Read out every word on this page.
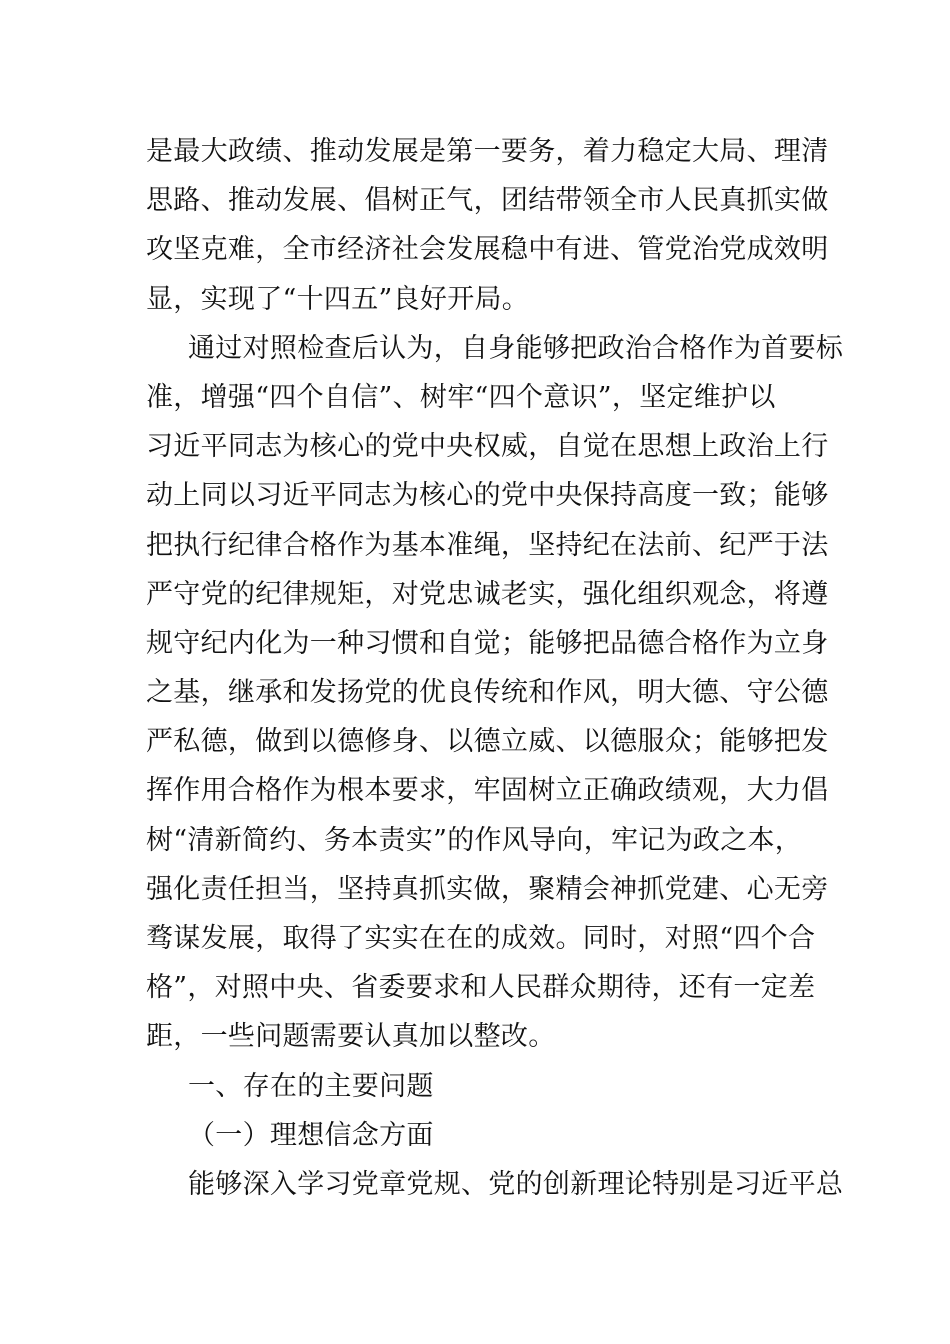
是最大政绩、推动发展是第一要务，着力稳定大局、理清
思路、推动发展、倡树正气，团结带领全市人民真抓实做
攻坚克难，全市经济社会发展稳中有进、管党治党成效明
显，实现了“十四五”良好开局。
通过对照检查后认为，自身能够把政治合格作为首要标
准，增强“四个自信”、树牢“四个意识”，坚定维护以
习近平同志为核心的党中央权威，自觉在思想上政治上行
动上同以习近平同志为核心的党中央保持高度一致；能够
把执行纪律合格作为基本准绳，坚持纪在法前、纪严于法
严守党的纪律规矩，对党忠诚老实，强化组织观念，将遵
规守纪内化为一种习惯和自觉；能够把品德合格作为立身
之基，继承和发扬党的优良传统和作风，明大德、守公德
严私德，做到以德修身、以德立威、以德服众；能够把发
挥作用合格作为根本要求，牢固树立正确政绩观，大力倡
树“清新简约、务本责实”的作风导向，牢记为政之本，
强化责任担当，坚持真抓实做，聚精会神抓党建、心无旁
骛谋发展，取得了实实在在的成效。同时，对照“四个合
格”，对照中央、省委要求和人民群众期待，还有一定差
距，一些问题需要认真加以整改。
一、存在的主要问题
（一）理想信念方面
能够深入学习党章党规、党的创新理论特别是习近平总
